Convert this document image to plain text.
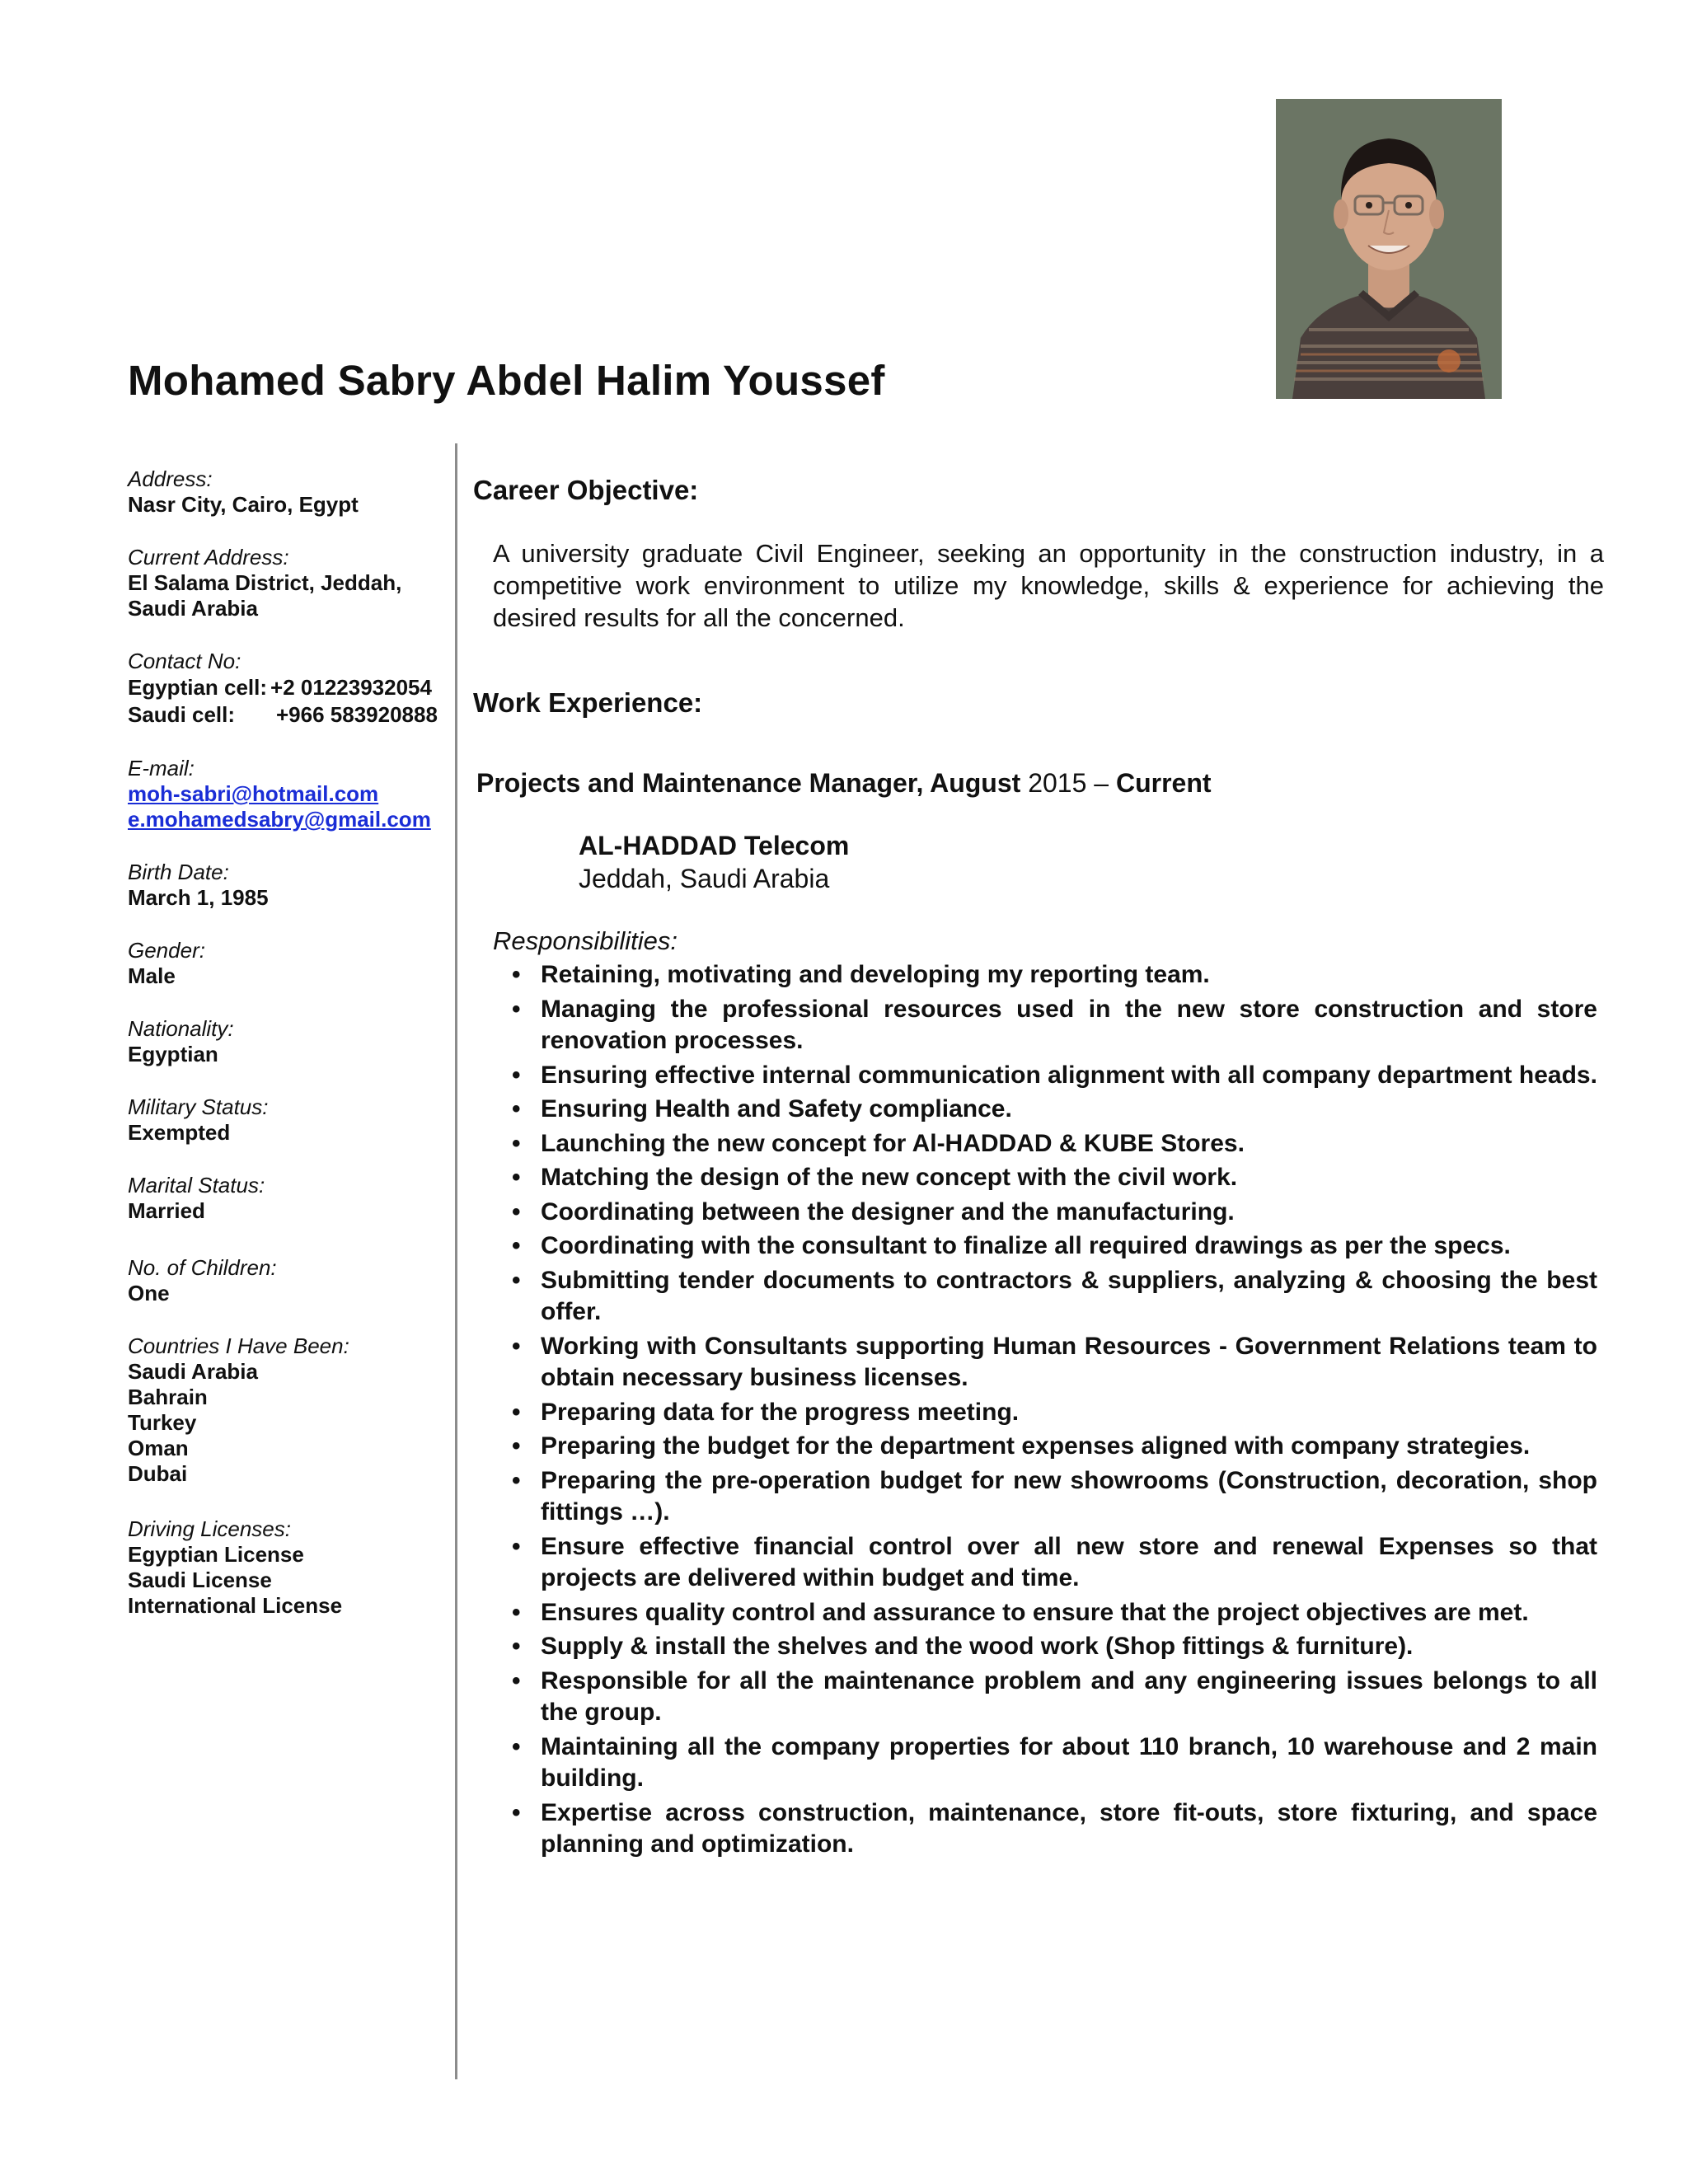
Mohamed Sabry Abdel Halim Youssef
Address:
Nasr City, Cairo, Egypt
Current Address:
El Salama District, Jeddah,
Saudi Arabia
Contact No:
Egyptian cell: +2 01223932054
Saudi cell:	+966 583920888
E-mail:
moh-sabri@hotmail.com
e.mohamedsabry@gmail.com
Birth Date:
March 1, 1985
Gender:
Male
Nationality:
Egyptian
Military Status:
Exempted
Marital Status:
Married
No. of Children:
One
Countries I Have Been:
Saudi Arabia
Bahrain
Turkey
Oman
Dubai
Driving Licenses:
Egyptian License
Saudi License
International License
Career Objective:

A university graduate Civil Engineer, seeking an opportunity in the construction industry, in a competitive work environment to utilize my knowledge, skills & experience for achieving the desired results for all the concerned.

Work Experience:
Projects and Maintenance Manager, August 2015 – Current
AL-HADDAD Telecom
Jeddah, Saudi Arabia
Responsibilities:
• Retaining, motivating and developing my reporting team.
• Managing the professional resources used in the new store construction and store renovation processes.
• Ensuring effective internal communication alignment with all company department heads.
• Ensuring Health and Safety compliance.
• Launching the new concept for Al-HADDAD & KUBE Stores.
• Matching the design of the new concept with the civil work.
• Coordinating between the designer and the manufacturing.
• Coordinating with the consultant to finalize all required drawings as per the specs.
• Submitting tender documents to contractors & suppliers, analyzing & choosing the best offer.
• Working with Consultants supporting Human Resources - Government Relations team to obtain necessary business licenses.
• Preparing data for the progress meeting.
• Preparing the budget for the department expenses aligned with company strategies.
• Preparing the pre-operation budget for new showrooms (Construction, decoration, shop fittings …).
• Ensure effective financial control over all new store and renewal Expenses so that projects are delivered within budget and time.
• Ensures quality control and assurance to ensure that the project objectives are met.
• Supply & install the shelves and the wood work (Shop fittings & furniture).
• Responsible for all the maintenance problem and any engineering issues belongs to all the group.
• Maintaining all the company properties for about 110 branch, 10 warehouse and 2 main building.
• Expertise across construction, maintenance, store fit-outs, store fixturing, and space planning and optimization.
